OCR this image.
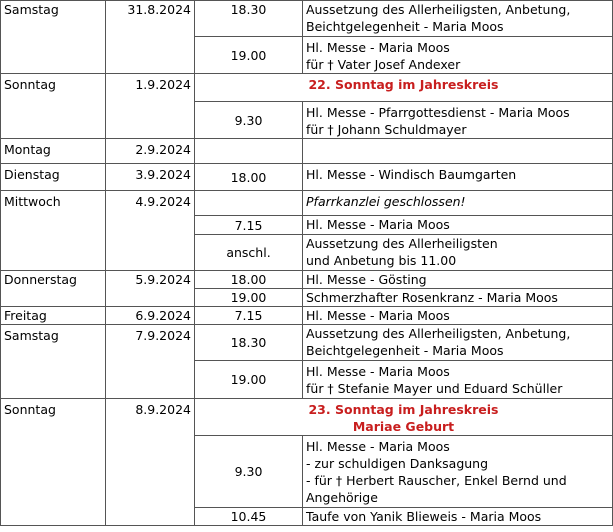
Samstag	31.8.2024	18.30	Aussetzung des Allerheiligsten, Anbetung,
Beichtgelegenheit - Maria Moos

		19.00	Hl. Messe - Maria Moos
für † Vater Josef Andexer

Sonntag	1.9.2024	22. Sonntag im Jahreskreis	
		9.30	Hl. Messe - Pfarrgottesdienst - Maria Moos
für † Johann Schuldmayer

Montag	2.9.2024		
Dienstag	3.9.2024	18.00	Hl. Messe - Windisch Baumgarten
Mittwoch	4.9.2024		Pfarrkanzlei geschlossen!
		7.15	Hl. Messe - Maria Moos
		anschl.	Aussetzung des Allerheiligsten
und Anbetung bis 11.00

Donnerstag	5.9.2024	18.00	Hl. Messe - Gösting
		19.00	Schmerzhafter Rosenkranz - Maria Moos
Freitag	6.9.2024	7.15	Hl. Messe - Maria Moos
Samstag	7.9.2024	18.30	Aussetzung des Allerheiligsten, Anbetung,
Beichtgelegenheit - Maria Moos

		19.00	Hl. Messe - Maria Moos
für † Stefanie Mayer und Eduard Schüller

Sonntag	8.9.2024	23. Sonntag im Jahreskreis
Mariae Geburt	

		9.30	Hl. Messe - Maria Moos
- zur schuldigen Danksagung
- für † Herbert Rauscher, Enkel Bernd und
Angehörige

		10.45	Taufe von Yanik Blieweis - Maria Moos
